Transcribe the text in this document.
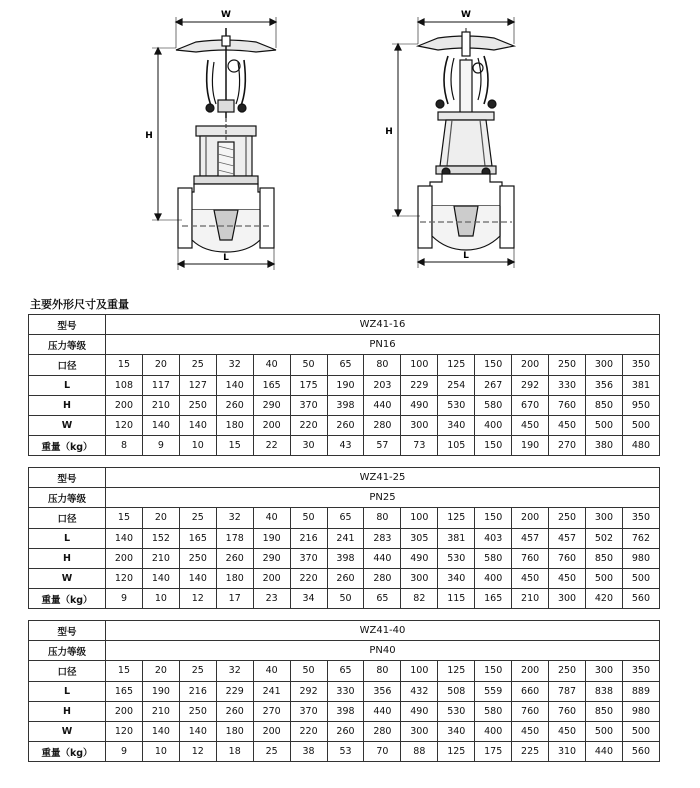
W
H
L
W
H
L
主要外形尺寸及重量
型号	WZ41-16														
压力等级	PN16														
口径	15	20	25	32	40	50	65	80	100	125	150	200	250	300	350
L	108	117	127	140	165	175	190	203	229	254	267	292	330	356	381
H	200	210	250	260	290	370	398	440	490	530	580	670	760	850	950
W	120	140	140	180	200	220	260	280	300	340	400	450	450	500	500
重量（kg）	8	9	10	15	22	30	43	57	73	105	150	190	270	380	480
型号	WZ41-25														
压力等级	PN25														
口径	15	20	25	32	40	50	65	80	100	125	150	200	250	300	350
L	140	152	165	178	190	216	241	283	305	381	403	457	457	502	762
H	200	210	250	260	290	370	398	440	490	530	580	760	760	850	980
W	120	140	140	180	200	220	260	280	300	340	400	450	450	500	500
重量（kg）	9	10	12	17	23	34	50	65	82	115	165	210	300	420	560
型号	WZ41-40														
压力等级	PN40														
口径	15	20	25	32	40	50	65	80	100	125	150	200	250	300	350
L	165	190	216	229	241	292	330	356	432	508	559	660	787	838	889
H	200	210	250	260	270	370	398	440	490	530	580	760	760	850	980
W	120	140	140	180	200	220	260	280	300	340	400	450	450	500	500
重量（kg）	9	10	12	18	25	38	53	70	88	125	175	225	310	440	560
